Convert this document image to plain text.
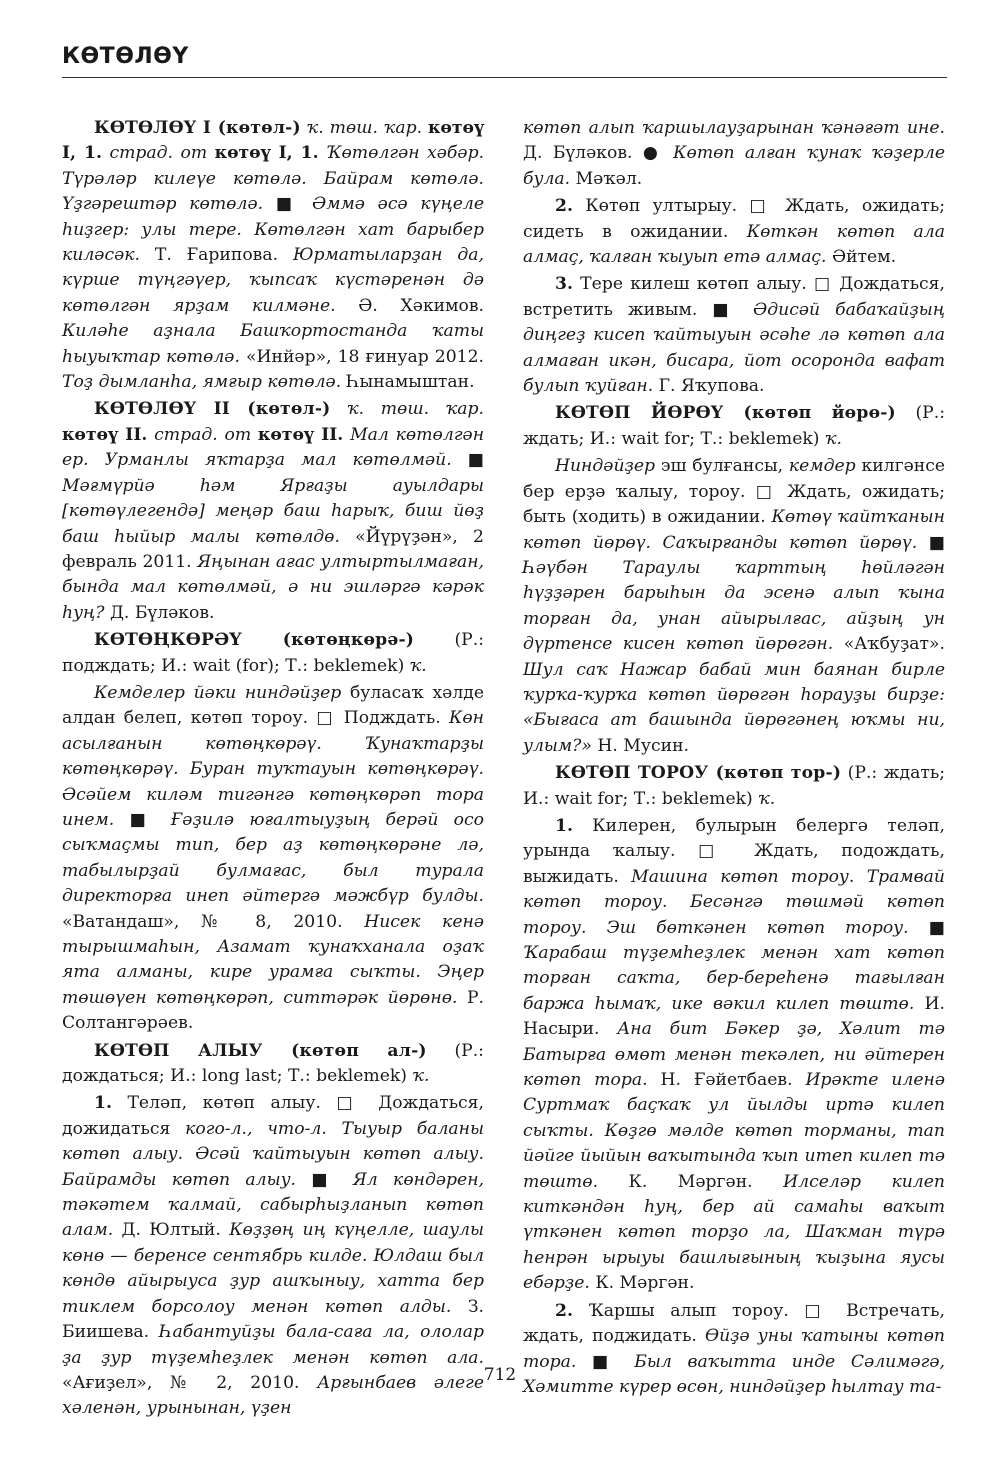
КӨТӨЛӨҮ

КӨТӨЛӨҮ I (көтөл-) ҡ. төш. ҡар. көтөү I, 1. страд. от көтөү I, 1. Ҡөтөлгән хәбәр. Түрәләр килеүе көтөлә. Байрам көтөлә. Үҙгәрештәр көтөлә. ■ Әммә әсә күңеле һиҙгер: улы тере. Көтөлгән хат барыбер киләсәк. Т. Ғарипова. Юрматыларҙан да, күрше түңгәүер, ҡыпсаҡ күстәренән дә көтөлгән ярҙам килмәне. Ә. Хәкимов. Киләһе аҙнала Башҡортостанда ҡаты һыуыҡтар көтөлә. «Инйәр», 18 ғинуар 2012. Тоҙ дымланһа, ямғыр көтөлә. Һынамыштан.

КӨТӨЛӨҮ II (көтөл-) ҡ. төш. ҡар. көтөү II. страд. от көтөү II. Мал көтөлгән ер. Урманлы яҡтарҙа мал көтөлмәй. ■ Мәғмүрйә һәм Ярғаҙы ауылдары [көтөүлегендә] меңәр баш һарыҡ, биш йөҙ баш һыйыр малы көтөлдө. «Йүрүҙән», 2 февраль 2011. Яңынан ағас ултыртылмаған, бында мал көтөлмәй, ә ни эшләргә кәрәк һуң? Д. Бүләков.

КӨТӨҢКӨРӘҮ (көтөңкөрә-) (Р.: подждать; И.: wait (for); Т.: beklemek) ҡ.

Кемделер йәки ниндәйҙер буласаҡ хәлде алдан белеп, көтөп тороу. □ Подждать. Көн асылғанын көтөңкөрәү. Ҡунаҡтарҙы көтөңкөрәү. Буран туҡтауын көтөңкөрәү. Әсәйем киләм тигәнгә көтөңкөрәп тора инем. ■ Ғәҙилә юғалтыуҙың берәй осо сыҡмаҫмы тип, бер аҙ көтөңкөрәне лә, табылырҙай булмағас, был турала директорға инеп әйтергә мәжбүр булды. «Ватандаш», № 8, 2010. Нисек кенә тырышмаһын, Азамат ҡунаҡханала оҙаҡ ята алманы, кире урамға сыҡты. Эңер төшөүен көтөңкөрәп, ситтәрәк йөрөнө. Р. Солтангәрәев.

КӨТӨП АЛЫУ (көтөп ал-) (Р.: дождаться; И.: long last; Т.: beklemek) ҡ.

1. Теләп, көтөп алыу. □ Дождаться, дожидаться кого-л., что-л. Тыуыр баланы көтөп алыу. Әсәй ҡайтыуын көтөп алыу. Байрамды көтөп алыу. ■ Ял көндәрен, тәкәтем ҡалмай, сабырһыҙланып көтөп алам. Д. Юлтый. Көҙҙөң иң күңелле, шаулы көнө — беренсе сентябрь килде. Юлдаш был көндө айырыуса ҙур ашҡыныу, хатта бер тиклем борсолоу менән көтөп алды. З. Биишева. Һабантуйҙы бала-саға ла, ололар ҙа ҙур түҙемһеҙлек менән көтөп ала. «Ағиҙел», № 2, 2010. Арғынбаев әлеге хәленән, урынынан, үҙен

көтөп алып ҡаршылауҙарынан ҡәнәғәт ине. Д. Бүләков. ● Көтөп алған ҡунаҡ ҡәҙерле була. Мәҡәл.

2. Көтөп ултырыу. □ Ждать, ожидать; сидеть в ожидании. Көткән көтөп ала алмаҫ, ҡалған ҡыуып етә алмаҫ. Әйтем.

3. Тере килеш көтөп алыу. □ Дождаться, встретить живым. ■ Әдисәй бабаҡайҙың диңгеҙ кисеп ҡайтыуын әсәһе лә көтөп ала алмаған икән, бисара, йот осоронда вафат булып ҡуйған. Г. Яҡупова.

КӨТӨП ЙӨРӨҮ (көтөп йөрө-) (Р.: ждать; И.: wait for; Т.: beklemek) ҡ.

Ниндәйҙер эш булғансы, кемдер килгәнсе бер ерҙә ҡалыу, тороу. □ Ждать, ожидать; быть (ходить) в ожидании. Көтөү ҡайтҡанын көтөп йөрөү. Саҡырғанды көтөп йөрөү. ■ Һәүбән Тараулы ҡарттың һөйләгән һүҙҙәрен барыһын да эсенә алып ҡына торған да, унан айырылғас, айҙың ун дүртенсе кисен көтөп йөрөгән. «Аҡбуҙат». Шул саҡ Нажар бабай мин баянан бирле ҡурҡа-ҡурҡа көтөп йөрөгән һорауҙы бирҙе: «Бығаса ат башында йөрөгәнең юҡмы ни, улым?» Н. Мусин.

КӨТӨП ТОРОУ (көтөп тор-) (Р.: ждать; И.: wait for; Т.: beklemek) ҡ.

1. Килерен, булырын белергә теләп, урында ҡалыу. □ Ждать, подождать, выжидать. Машина көтөп тороу. Трамвай көтөп тороу. Бесәнгә төшмәй көтөп тороу. Эш бөткәнен көтөп тороу. ■ Ҡарабаш түҙемһеҙлек менән хат көтөп торған саҡта, бер-береһенә тағылған баржа һымаҡ, ике вәкил килеп төштө. И. Насыри. Ана бит Бәкер ҙә, Хәлит тә Батырға өмөт менән текәлеп, ни әйтерен көтөп тора. Н. Ғәйетбаев. Ирәкте иленә Суртмаҡ баҫҡаҡ ул йылды иртә килеп сыҡты. Көҙгө мәлде көтөп торманы, тап йәйге йыйын ваҡытында ҡып итеп килеп тә төштө. К. Мәргән. Илселәр килеп киткәндән һуң, бер ай самаһы ваҡыт үткәнен көтөп торҙо ла, Шаҡман түрә һенрән ырыуы башлығының ҡыҙына яусы ебәрҙе. К. Мәргән.

2. Ҡаршы алып тороу. □ Встречать, ждать, поджидать. Өйҙә уны ҡатыны көтөп тора. ■ Был ваҡытта инде Сәлимәгә, Хәмитте күрер өсөн, ниндәйҙер һылтау та-

712
